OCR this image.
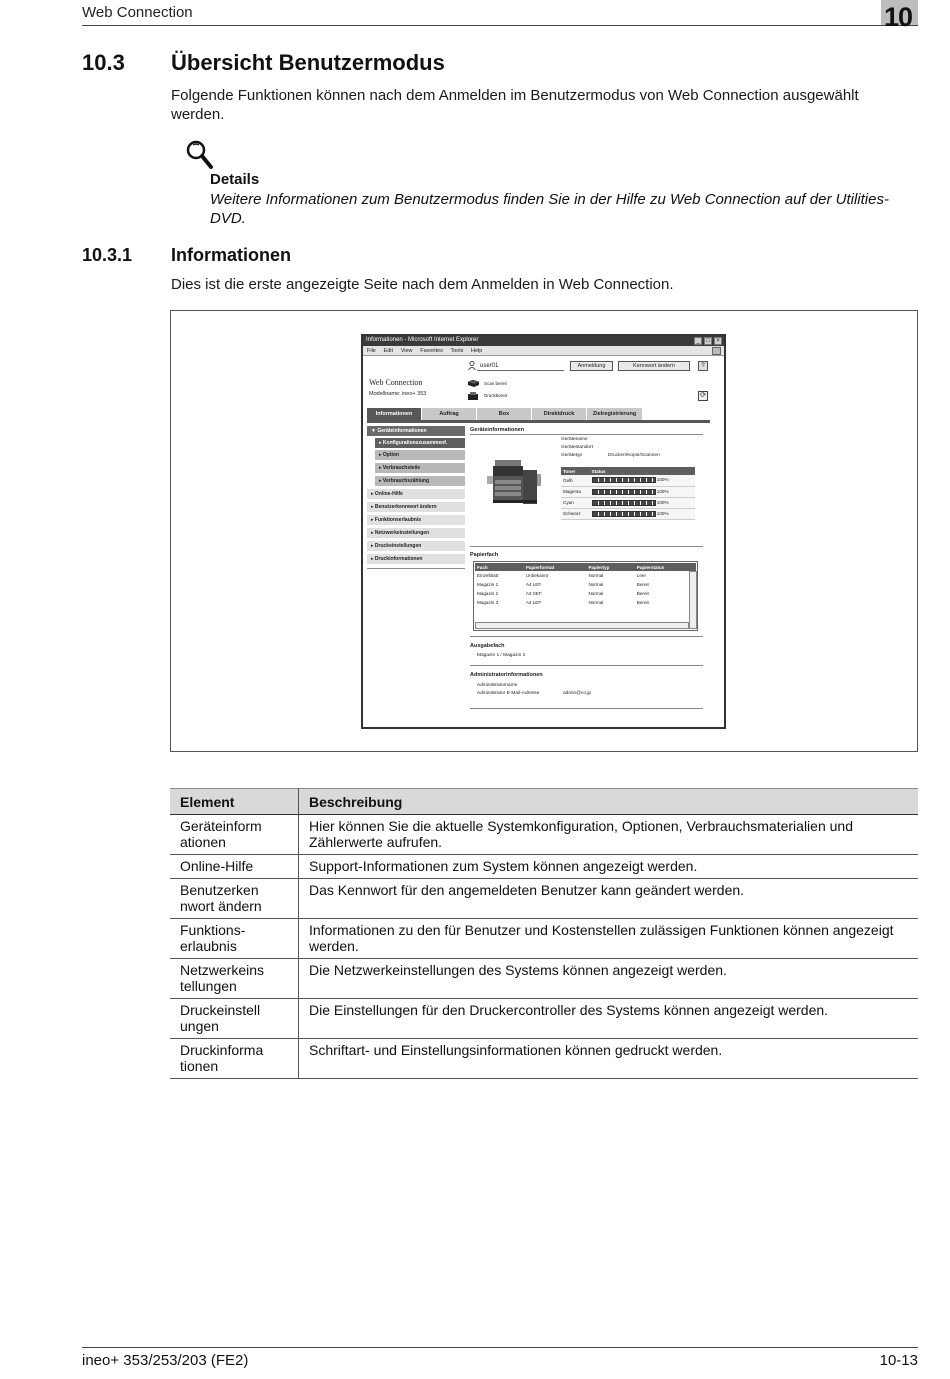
Web Connection	10
10.3 Übersicht Benutzermodus
Folgende Funktionen können nach dem Anmelden im Benutzermodus von Web Connection ausgewählt werden.
Details
Weitere Informationen zum Benutzermodus finden Sie in der Hilfe zu Web Connection auf der Utilities-DVD.
10.3.1 Informationen
Dies ist die erste angezeigte Seite nach dem Anmelden in Web Connection.
Informationen - Microsoft Internet Explorer	_	□	×
File Edit View Favorites Tools Help
user01	Anmeldung	Kennwort ändern	?
Web Connection
Modellname: ineo+ 353
Scan bereit
Druckbereit	⟳
Informationen	Auftrag	Box	Direktdruck	Zielregistrierung
▼ Geräteinformationen
▸ Konfigurationszusammenf.
▸ Option
▸ Verbrauchsteile
▸ Verbrauchszählung
▸ Online-Hilfe
▸ Benutzerkennwort ändern
▸ Funktionserlaubnis
▸ Netzwerkeinstellungen
▸ Druckeinstellungen
▸ Druckinformationen
Geräteinformationen
Gerätename
Gerätestandort
Gerätetyp	Drucken/Kopie/Scannen
Toner	Status
Gelb	100%
Magenta	100%
Cyan	100%
Schwarz	100%
Papierfach
Fach	Papierformat	Papiertyp	Papierstatus
Einzelblatt	Unbekannt	Normal	Leer
Magazin 1	A4 LEF	Normal	Bereit
Magazin 2	A3 SEF	Normal	Bereit
Magazin 3	A4 LEF	Normal	Bereit
Ausgabefach
Magazin 1 / Magazin 2
Administratorinformationen
Administratorname
Administrator E-Mail-Adresse	admin@co.jp
Element	Beschreibung
Geräteinform ationen	Hier können Sie die aktuelle Systemkonfiguration, Optionen, Verbrauchsmaterialien und Zählerwerte aufrufen.
Online-Hilfe	Support-Informationen zum System können angezeigt werden.
Benutzerken nwort ändern	Das Kennwort für den angemeldeten Benutzer kann geändert werden.
Funktions-erlaubnis	Informationen zu den für Benutzer und Kostenstellen zulässigen Funktionen können angezeigt werden.
Netzwerkeins tellungen	Die Netzwerkeinstellungen des Systems können angezeigt werden.
Druckeinstell ungen	Die Einstellungen für den Druckercontroller des Systems können angezeigt werden.
Druckinforma tionen	Schriftart- und Einstellungsinformationen können gedruckt werden.
ineo+ 353/253/203 (FE2)	10-13
